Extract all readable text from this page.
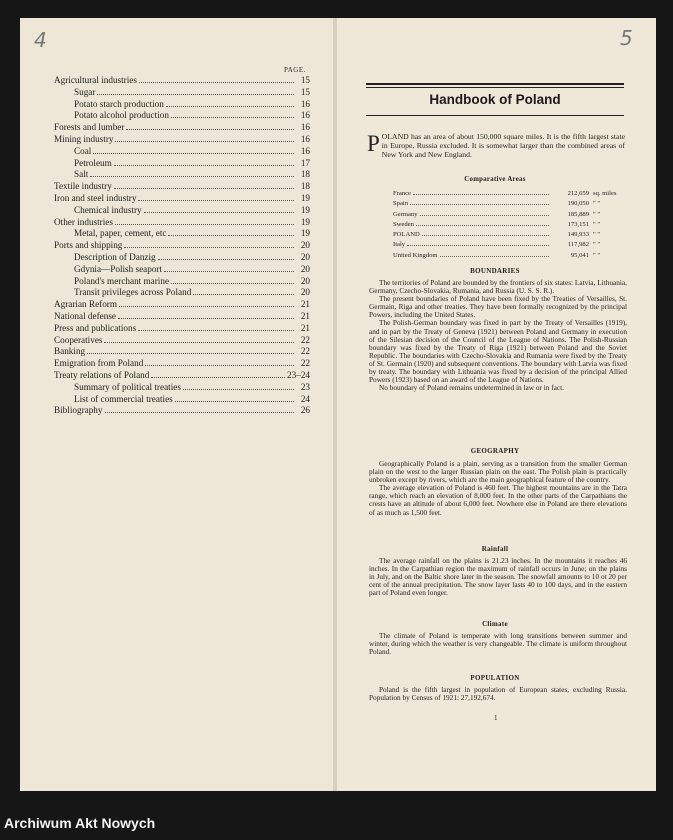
4	5
PAGE.
Agricultural industries	15
Sugar	15
Potato starch production	16
Potato alcohol production	16
Forests and lumber	16
Mining industry	16
Coal	16
Petroleum	17
Salt	18
Textile industry	18
Iron and steel industry	19
Chemical industry	19
Other industries	19
Metal, paper, cement, etc	19
Ports and shipping	20
Description of Danzig	20
Gdynia—Polish seaport	20
Poland's merchant marine	20
Transit privileges across Poland	20
Agrarian Reform	21
National defense	21
Press and publications	21
Cooperatives	22
Banking	22
Emigration from Poland	22
Treaty relations of Poland	23–24
Summary of political treaties	23
List of commercial treaties	24
Bibliography	26
Handbook of Poland
POLAND has an area of about 150,000 square miles. It is the fifth largest state in Europe, Russia excluded. It is somewhat larger than the combined areas of New York and New England.
Comparative Areas
France	212,659 sq. miles
Spain	190,050 " "
Germany	185,889 " "
Sweden	173,151 " "
POLAND	149,933 " "
Italy	117,982 " "
United Kingdom	95,041 " "
BOUNDARIES

The territories of Poland are bounded by the frontiers of six states: Latvia, Lithuania, Germany, Czecho-Slovakia, Rumania, and Russia (U. S. S. R.).

The present boundaries of Poland have been fixed by the Treaties of Versailles, St. Germain, Riga and other treaties. They have been formally recognized by the principal Powers, including the United States.

The Polish-German boundary was fixed in part by the Treaty of Versailles (1919), and in part by the Treaty of Geneva (1921) between Poland and Germany in execution of the Silesian decision of the Council of the League of Nations. The Polish-Russian boundary was fixed by the Treaty of Riga (1921) between Poland and the Soviet Republic. The boundaries with Czecho-Slovakia and Rumania were fixed by the Treaty of St. Germain (1920) and subsequent conventions. The boundary with Latvia was fixed by treaty. The boundary with Lithuania was fixed by a decision of the principal Allied Powers (1923) based on an award of the League of Nations.

No boundary of Poland remains undetermined in law or in fact.

GEOGRAPHY

Geographically Poland is a plain, serving as a transition from the smaller German plain on the west to the larger Russian plain on the east. The Polish plain is practically unbroken except by rivers, which are the main geographical feature of the country.

The average elevation of Poland is 460 feet. The highest mountains are in the Tatra range, which reach an elevation of 8,000 feet. In the other parts of the Carpathians the crests have an altitude of about 6,000 feet. Nowhere else in Poland are there elevations of as much as 1,500 feet.

Rainfall

The average rainfall on the plains is 21.23 inches. In the mountains it reaches 46 inches. In the Carpathian region the maximum of rainfall occurs in June; on the plains in July, and on the Baltic shore later in the season. The snowfall amounts to 10 ot 20 per cent of the annual precipitation. The snow layer lasts 40 to 100 days, and in the eastern part of Poland even longer.

Climate

The climate of Poland is temperate with long transitions between summer and winter, during which the weather is very changeable. The climate is uniform throughout Poland.

POPULATION

Poland is the fifth largest in population of European states, excluding Russia. Population by Census of 1921: 27,192,674.

1
Archiwum Akt Nowych
